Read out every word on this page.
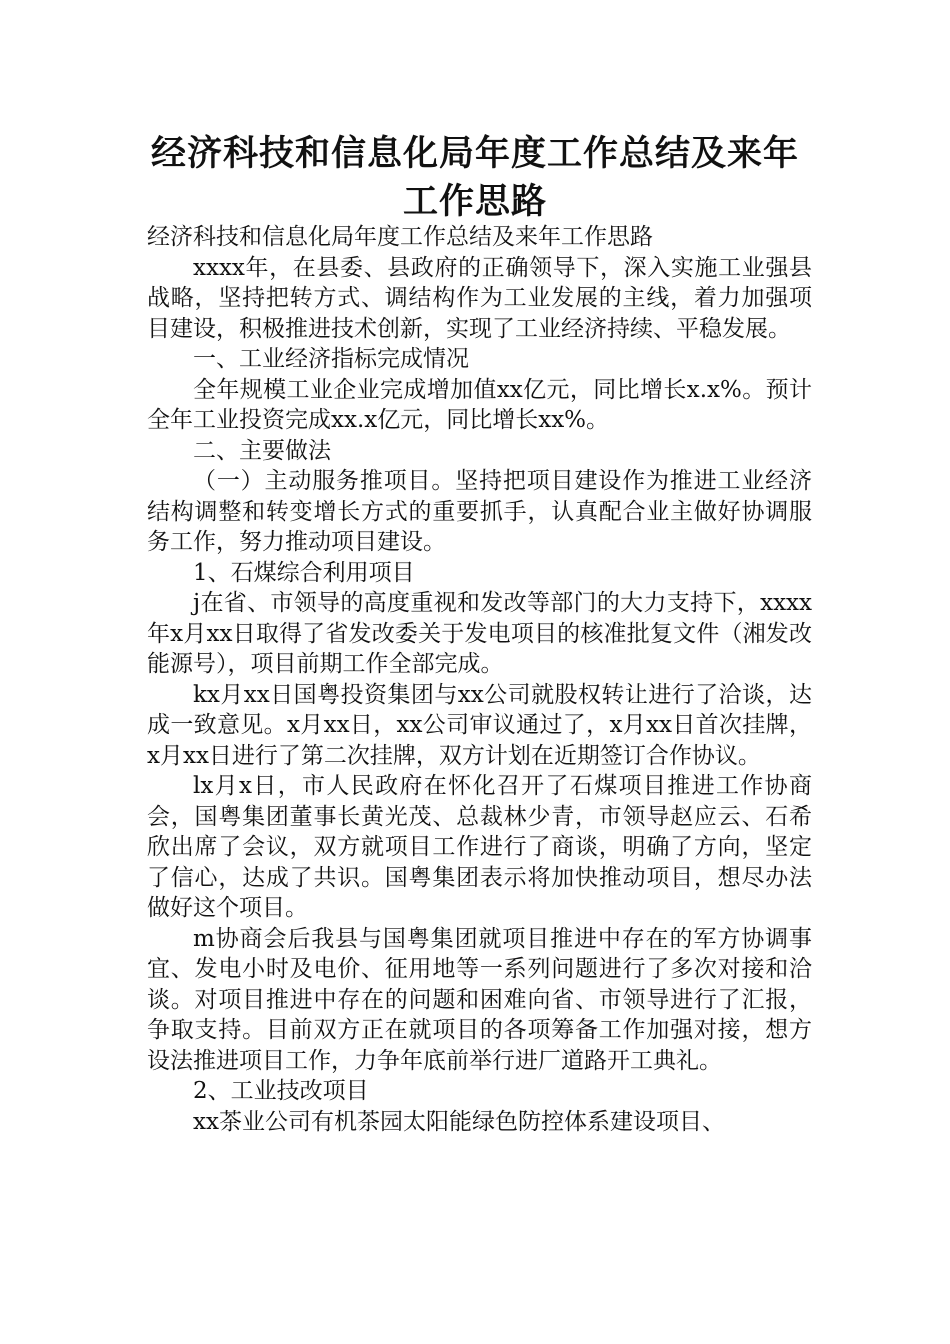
经济科技和信息化局年度工作总结及来年
工作思路

经济科技和信息化局年度工作总结及来年工作思路

xxxx年，在县委、县政府的正确领导下，深入实施工业强县战略，坚持把转方式、调结构作为工业发展的主线，着力加强项目建设，积极推进技术创新，实现了工业经济持续、平稳发展。

一、工业经济指标完成情况

全年规模工业企业完成增加值xx亿元，同比增长x.x%。预计全年工业投资完成xx.x亿元，同比增长xx%。

二、主要做法

（一）主动服务推项目。坚持把项目建设作为推进工业经济结构调整和转变增长方式的重要抓手，认真配合业主做好协调服务工作，努力推动项目建设。

1、石煤综合利用项目

j在省、市领导的高度重视和发改等部门的大力支持下，xxxx年x月xx日取得了省发改委关于发电项目的核准批复文件（湘发改能源号），项目前期工作全部完成。

kx月xx日国粤投资集团与xx公司就股权转让进行了洽谈，达成一致意见。x月xx日，xx公司审议通过了，x月xx日首次挂牌，x月xx日进行了第二次挂牌，双方计划在近期签订合作协议。

lx月x日，市人民政府在怀化召开了石煤项目推进工作协商会，国粤集团董事长黄光茂、总裁林少青，市领导赵应云、石希欣出席了会议，双方就项目工作进行了商谈，明确了方向，坚定了信心，达成了共识。国粤集团表示将加快推动项目，想尽办法做好这个项目。

m协商会后我县与国粤集团就项目推进中存在的军方协调事宜、发电小时及电价、征用地等一系列问题进行了多次对接和洽谈。对项目推进中存在的问题和困难向省、市领导进行了汇报，争取支持。目前双方正在就项目的各项筹备工作加强对接，想方设法推进项目工作，力争年底前举行进厂道路开工典礼。

2、工业技改项目

xx茶业公司有机茶园太阳能绿色防控体系建设项目、
